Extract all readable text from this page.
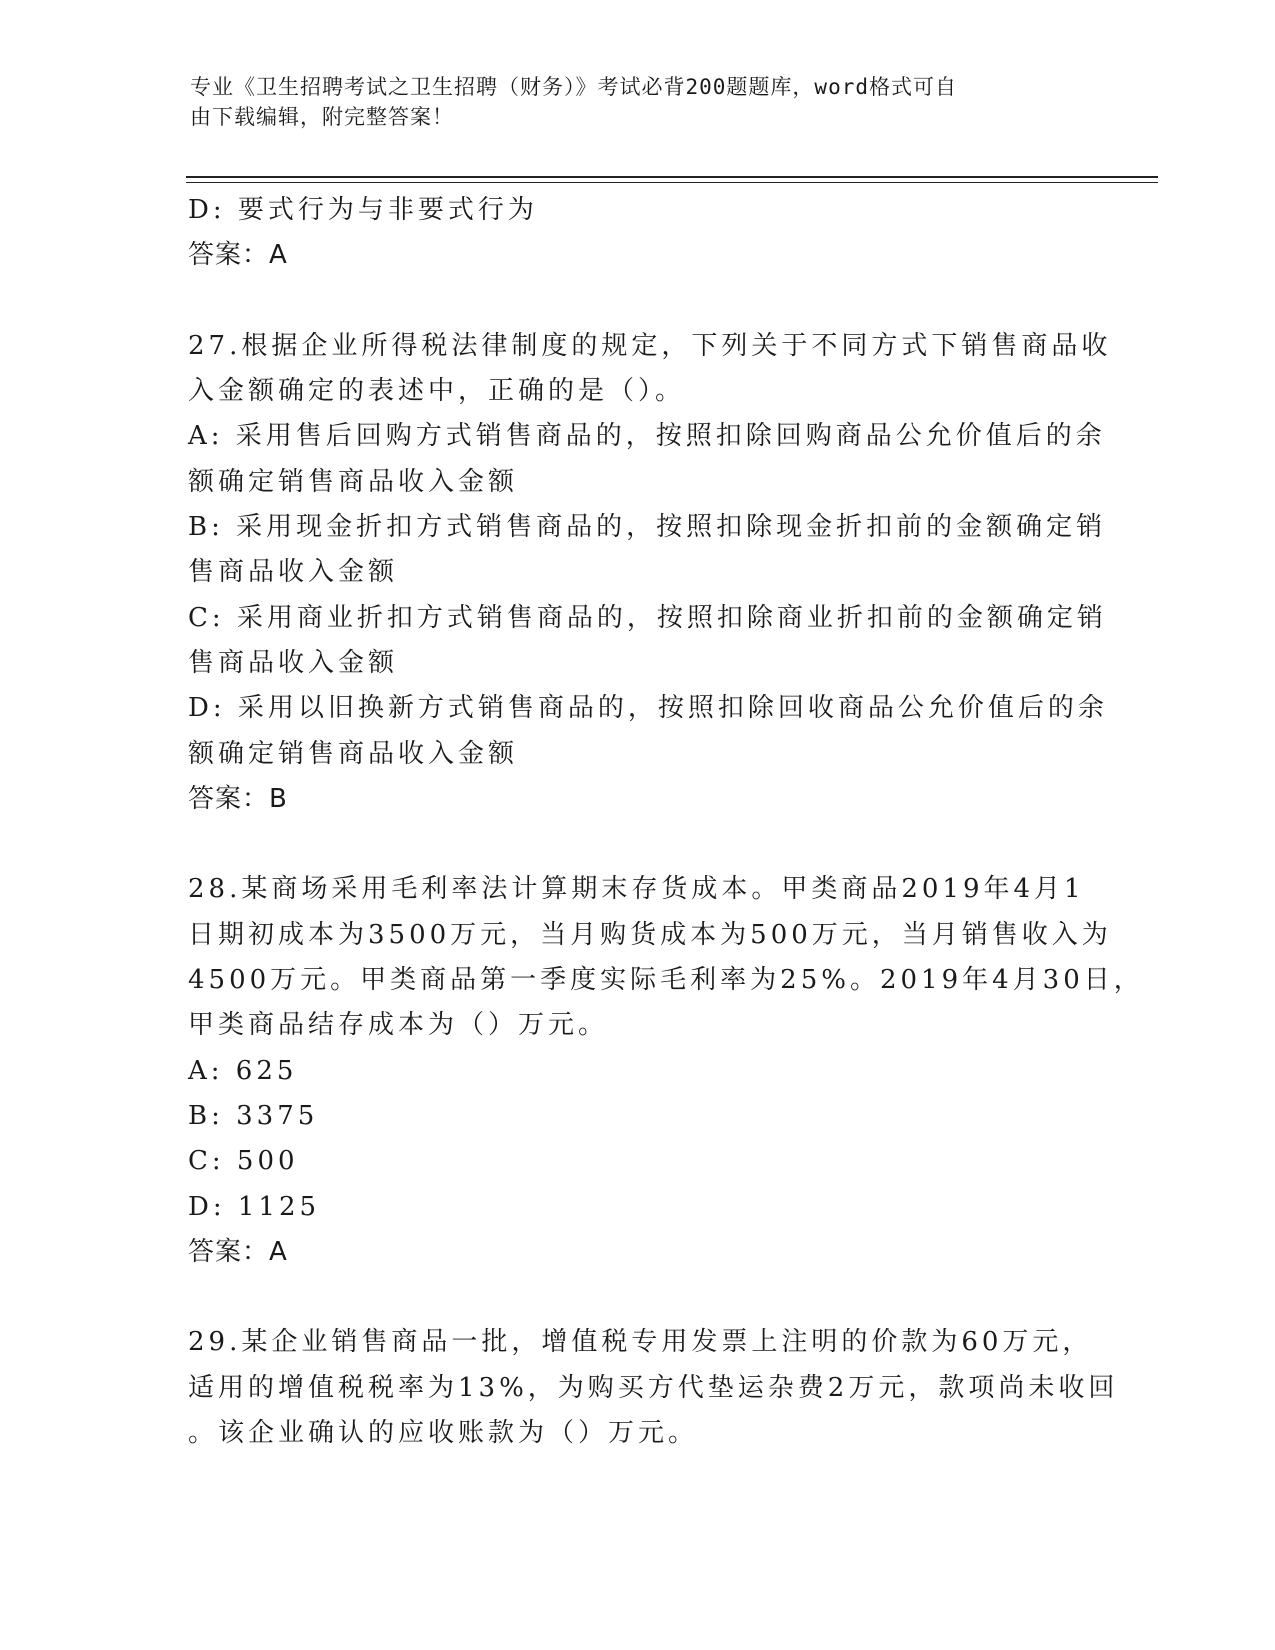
专业《卫生招聘考试之卫生招聘（财务）》考试必背200题题库，word格式可自
由下载编辑，附完整答案！
D: 要式行为与非要式行为
答案：A
27.根据企业所得税法律制度的规定，下列关于不同方式下销售商品收
入金额确定的表述中，正确的是（）。
A: 采用售后回购方式销售商品的，按照扣除回购商品公允价值后的余
额确定销售商品收入金额
B: 采用现金折扣方式销售商品的，按照扣除现金折扣前的金额确定销
售商品收入金额
C: 采用商业折扣方式销售商品的，按照扣除商业折扣前的金额确定销
售商品收入金额
D: 采用以旧换新方式销售商品的，按照扣除回收商品公允价值后的余
额确定销售商品收入金额
答案：B
28.某商场采用毛利率法计算期末存货成本。甲类商品2019年4月1
日期初成本为3500万元，当月购货成本为500万元，当月销售收入为
4500万元。甲类商品第一季度实际毛利率为25%。2019年4月30日，
甲类商品结存成本为（）万元。
A: 625
B: 3375
C: 500
D: 1125
答案：A
29.某企业销售商品一批，增值税专用发票上注明的价款为60万元，
适用的增值税税率为13%，为购买方代垫运杂费2万元，款项尚未收回
。该企业确认的应收账款为（）万元。
